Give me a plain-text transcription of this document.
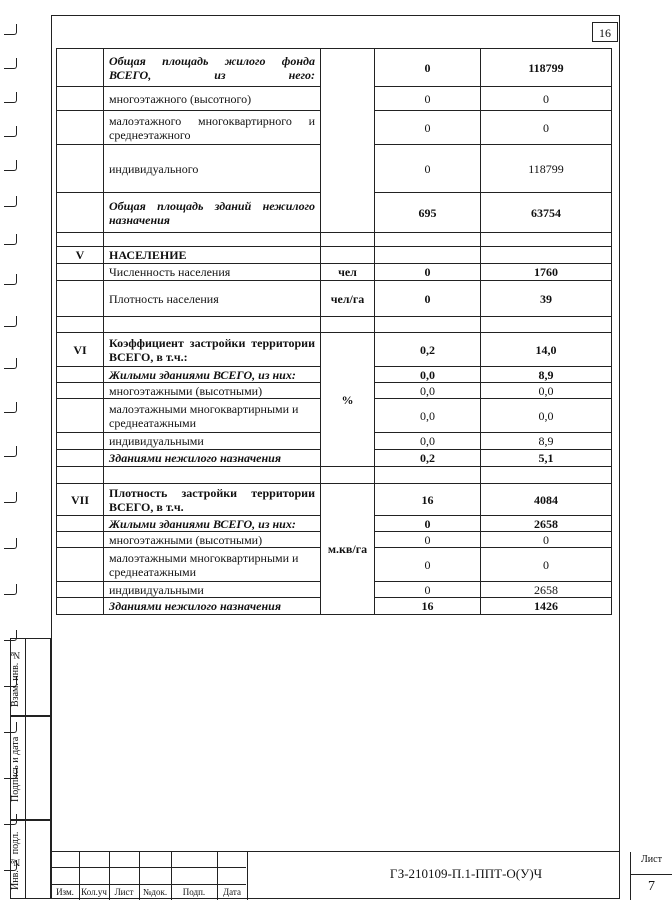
16
Взам. инв. №
Подпись и дата
Инв. № подл.
	Общая площадь жилого фонда ВСЕГО, из него:		0	118799
	многоэтажного (высотного)		0	0
	малоэтажного многоквартирного и среднеэтажного		0	0
	индивидуального		0	118799
	Общая площадь зданий нежилого назначения		695	63754

V	НАСЕЛЕНИЕ			
	Численность населения	чел	0	1760
	Плотность населения	чел/га	0	39

VI	Коэффициент застройки территории ВСЕГО, в т.ч.:	%	0,2	14,0
	Жилыми зданиями ВСЕГО, из них:		0,0	8,9
	многоэтажными (высотными)		0,0	0,0
	малоэтажными многоквартирными и среднеатажными		0,0	0,0
	индивидуальными		0,0	8,9
	Зданиями нежилого назначения		0,2	5,1

VII	Плотность застройки территории ВСЕГО, в т.ч.	м.кв/га	16	4084
	Жилыми зданиями ВСЕГО, из них:		0	2658
	многоэтажными (высотными)		0	0
	малоэтажными многоквартирными и среднеатажными		0	0
	индивидуальными		0	2658
	Зданиями нежилого назначения		16	1426
Изм. Кол.уч Лист	№док.	Подп.	Дата
ГЗ-210109-П.1-ППТ-О(У)Ч
Лист
7
